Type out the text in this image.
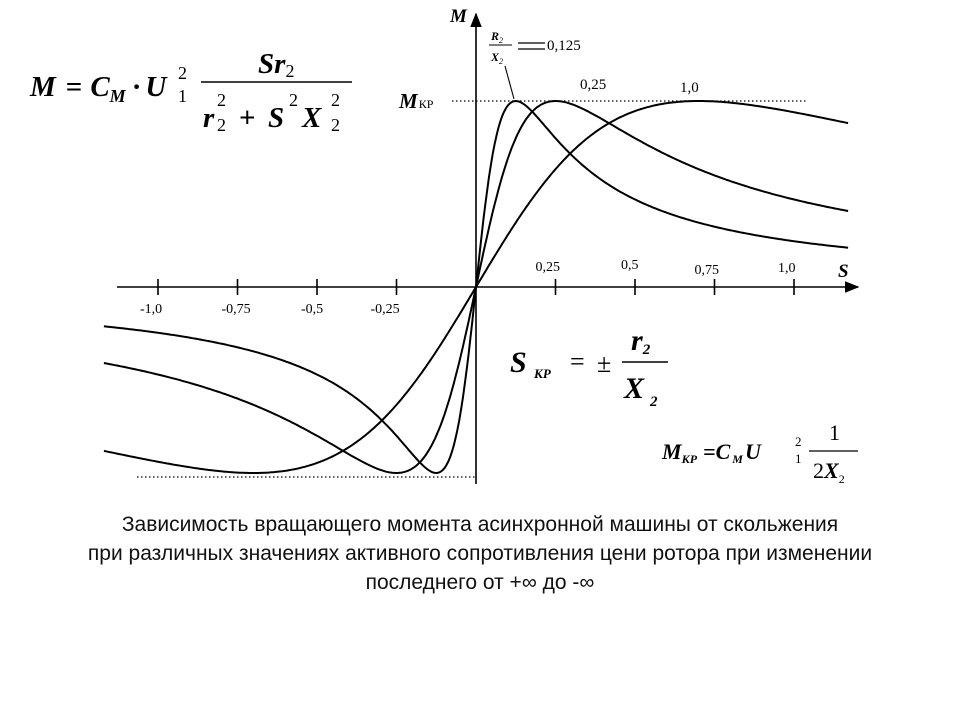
-1,0	-0,75	-0,5	-0,25
0,25	0,5	0,75	1,0
M
S
MКР
$R_2$
$X_2$
0,125
0,25	1,0
$M = C_M \cdot U$ 2
1
Sr2
r
2
2 + S
2
X
2
2
S КР = ±
r2
X $_2$
MКР =C МU	2
1
1
$2X_2$
Зависимость вращающего момента асинхронной машины от скольжения
при различных значениях активного сопротивления цени ротора при изменении
последнего от +∞ до -∞
